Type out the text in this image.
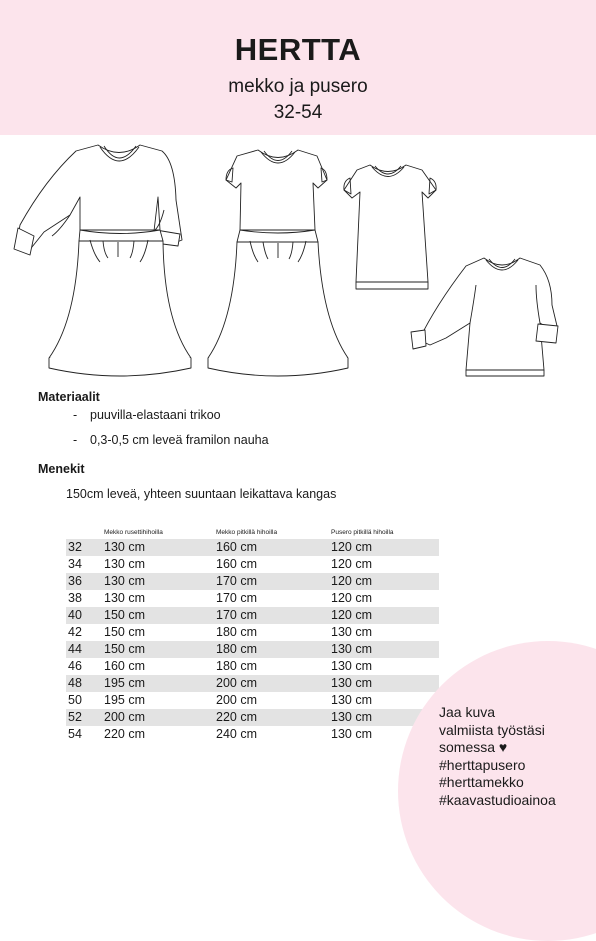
HERTTA
mekko ja pusero
32-54
Materiaalit
- puuvilla-elastaani trikoo
- 0,3-0,5 cm leveä framilon nauha
Menekit
150cm leveä, yhteen suuntaan leikattava kangas
Mekko rusettihihoilla	Mekko pitkillä hihoilla	Pusero pitkillä hihoilla
32 130 cm	160 cm	120 cm
34 130 cm	160 cm	120 cm
36 130 cm	170 cm	120 cm
38 130 cm	170 cm	120 cm
40 150 cm	170 cm	120 cm
42 150 cm	180 cm	130 cm
44 150 cm	180 cm	130 cm
46 160 cm	180 cm	130 cm
48 195 cm	200 cm	130 cm
50 195 cm	200 cm	130 cm
52 200 cm	220 cm	130 cm
54 220 cm	240 cm	130 cm
Jaa kuva
valmiista työstäsi
somessa ♥
#herttapusero
#herttamekko
#kaavastudioainoa
